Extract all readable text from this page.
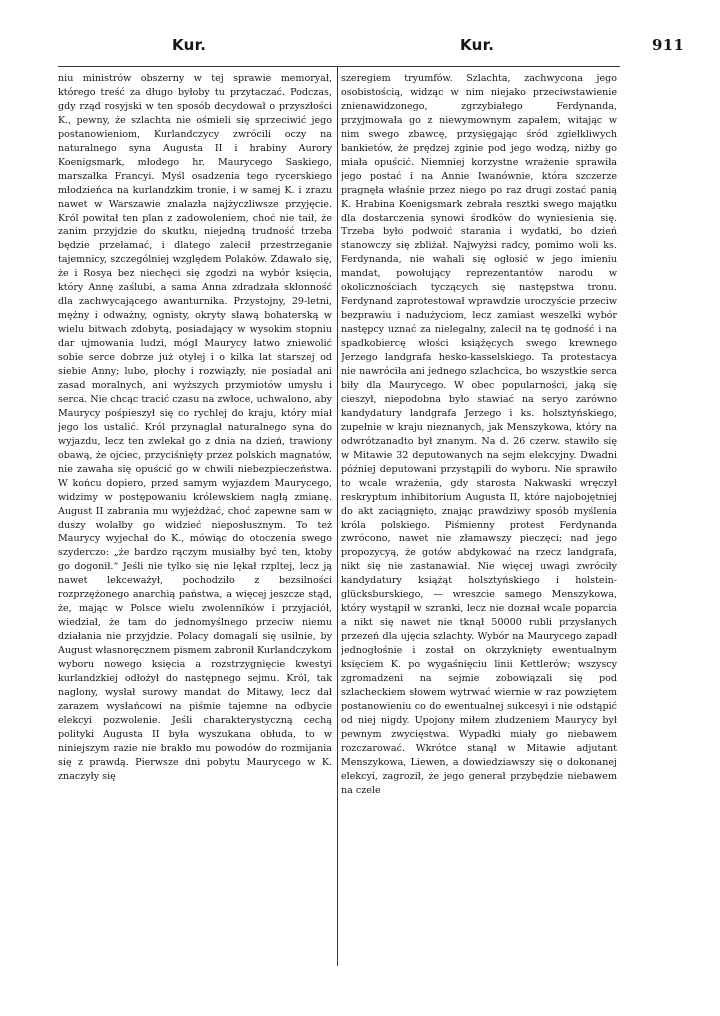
Kur.	Kur.	911

niu ministrów obszerny w tej sprawie memoryał, którego treść za długo byłoby tu przytaczać. Podczas, gdy rząd rosyjski w ten sposób decydował o przyszłości K., pewny, że szlachta nie ośmieli się sprzeciwić jego postanowieniom, Kurlandczycy zwrócili oczy na naturalnego syna Augusta II i hrabiny Aurory Koenigsmark, młodego hr. Maurycego Saskiego, marszałka Francyi. Myśl osadzenia tego rycerskiego młodzieńca na kurlandzkim tronie, i w samej K. i zrazu nawet w Warszawie znalazła najżyczliwsze przyjęcie. Król powitał ten plan z zadowoleniem, choć nie taił, że zanim przyjdzie do skutku, niejedną trudność trzeba będzie przełamać, i dlatego zalecił przestrzeganie tajemnicy, szczególniej względem Polaków. Zdawało się, że i Rosya bez niechęci się zgodzi na wybór księcia, który Annę zaślubi, a sama Anna zdradzała skłonność dla zachwycającego awanturnika. Przystojny, 29-letni, mężny i odważny, ognisty, okryty sławą bohaterską w wielu bitwach zdobytą, posiadający w wysokim stopniu dar ujmowania ludzi, mógł Maurycy łatwo zniewolić sobie serce dobrze już otyłej i o kilka lat starszej od siebie Anny; lubo, płochy i rozwiązły, nie posiadał ani zasad moralnych, ani wyższych przymiotów umysłu i serca. Nie chcąc tracić czasu na zwłoce, uchwalono, aby Maurycy pośpieszył się co rychlej do kraju, który miał jego los ustalić. Król przynaglał naturalnego syna do wyjazdu, lecz ten zwlekał go z dnia na dzień, trawiony obawą, że ojciec, przyciśnięty przez polskich magnatów, nie zawaha się opuścić go w chwili niebezpieczeństwa. W końcu dopiero, przed samym wyjazdem Maurycego, widzimy w postępowaniu królewskiem nagłą zmianę. August II zabrania mu wyjeżdżać, choć zapewne sam w duszy wolałby go widzieć nieposłusznym. To też Maurycy wyjechał do K., mówiąc do otoczenia swego szyderczo: „że bardzo rączym musiałby być ten, ktoby go dogonił.“ Jeśli nie tylko się nie lękał rzpltej, lecz ją nawet lekceważył, pochodziło z bezsilności rozprzężonego anarchią państwa, a więcej jeszcze stąd, że, mając w Polsce wielu zwolenników i przyjaciół, wiedział, że tam do jednomyślnego przeciw niemu działania nie przyjdzie. Polacy domagali się usilnie, by August własnoręcznem pismem zabronił Kurlandczykom wyboru nowego księcia a rozstrzygnięcie kwestyi kurlandzkiej odłożył do następnego sejmu. Król, tak naglony, wysłał surowy mandat do Mitawy, lecz dał zarazem wysłańcowi na piśmie tajemne na odbycie elekcyi pozwolenie. Jeśli charakterystyczną cechą polityki Augusta II była wyszukana obłuda, to w niniejszym razie nie brakło mu powodów do rozmijania się z prawdą. Pierwsze dni pobytu Maurycego w K. znaczyły się

szeregiem tryumfów. Szlachta, zachwycona jego osobistością, widząc w nim niejako przeciwstawienie znienawidzonego, zgrzybiałego Ferdynanda, przyjmowała go z niewymownym zapałem, witając w nim swego zbawcę, przysięgając śród zgiełkliwych bankietów, że prędzej zginie pod jego wodzą, niżby go miała opuścić. Niemniej korzystne wrażenie sprawiła jego postać i na Annie Iwanównie, która szczerze pragnęła właśnie przez niego po raz drugi zostać panią K. Hrabina Koenigsmark zebrała resztki swego majątku dla dostarczenia synowi środków do wyniesienia się. Trzeba było podwoić starania i wydatki, bo dzień stanowczy się zbliżał. Najwyżsi radcy, pomimo woli ks. Ferdynanda, nie wahali się ogłosić w jego imieniu mandat, powołujący reprezentantów narodu w okolicznościach tyczących się następstwa tronu. Ferdynand zaprotestował wprawdzie uroczyście przeciw bezprawiu i nadużyciom, lecz zamiast weszelki wybór następcy uznać za nielegalny, zalecił na tę godność i na spadkobiercę włości książęcych swego krewnego Jerzego landgrafa hesko-kasselskiego. Ta protestacya nie nawróciła ani jednego szlachcica, bo wszystkie serca biły dla Maurycego. W obec popularności, jaką się cieszył, niepodobna było stawiać na seryo zarówno kandydatury landgrafa Jerzego i ks. holsztyńskiego, zupełnie w kraju nieznanych, jak Menszykowa, który na odwrótzanadto był znanym. Na d. 26 czerw. stawiło się w Mitawie 32 deputowanych na sejm elekcyjny. Dwadni później deputowani przystąpili do wyboru. Nie sprawiło to wcale wrażenia, gdy starosta Nakwaski wręczył reskryptum inhibitorium Augusta II, które najobojętniej do akt zaciągnięto, znając prawdziwy sposób myślenia króla polskiego. Piśmienny protest Ferdynanda zwrócono, nawet nie złamawszy pieczęci; nad jego propozycyą, że gotów abdykować na rzecz landgrafa, nikt się nie zastanawiał. Nie więcej uwagi zwróciły kandydatury książąt holsztyńskiego i holstein-glücksburskiego, — wreszcie samego Menszykowa, który wystąpił w szranki, lecz nie dozнał wcale poparcia a nikt się nawet nie tknął 50000 rubli przysłanych przezeń dla ujęcia szlachty. Wybór na Maurycego zapadł jednogłośnie i został on okrzyknięty ewentualnym księciem K. po wygaśnięciu linii Kettlerów; wszyscy zgromadzeni na sejmie zobowiązali się pod szlacheckiem słowem wytrwać wiernie w raz powziętem postanowieniu co do ewentualnej sukcesyi i nie odstąpić od niej nigdy. Upojony miłem złudzeniem Maurycy był pewnym zwycięstwa. Wypadki miały go niebawem rozczarować. Wkrótce stanął w Mitawie adjutant Menszykowa, Liewen, a dowiedziawszy się o dokonanej elekcyi, zagroził, że jego generał przybędzie niebawem na czele
